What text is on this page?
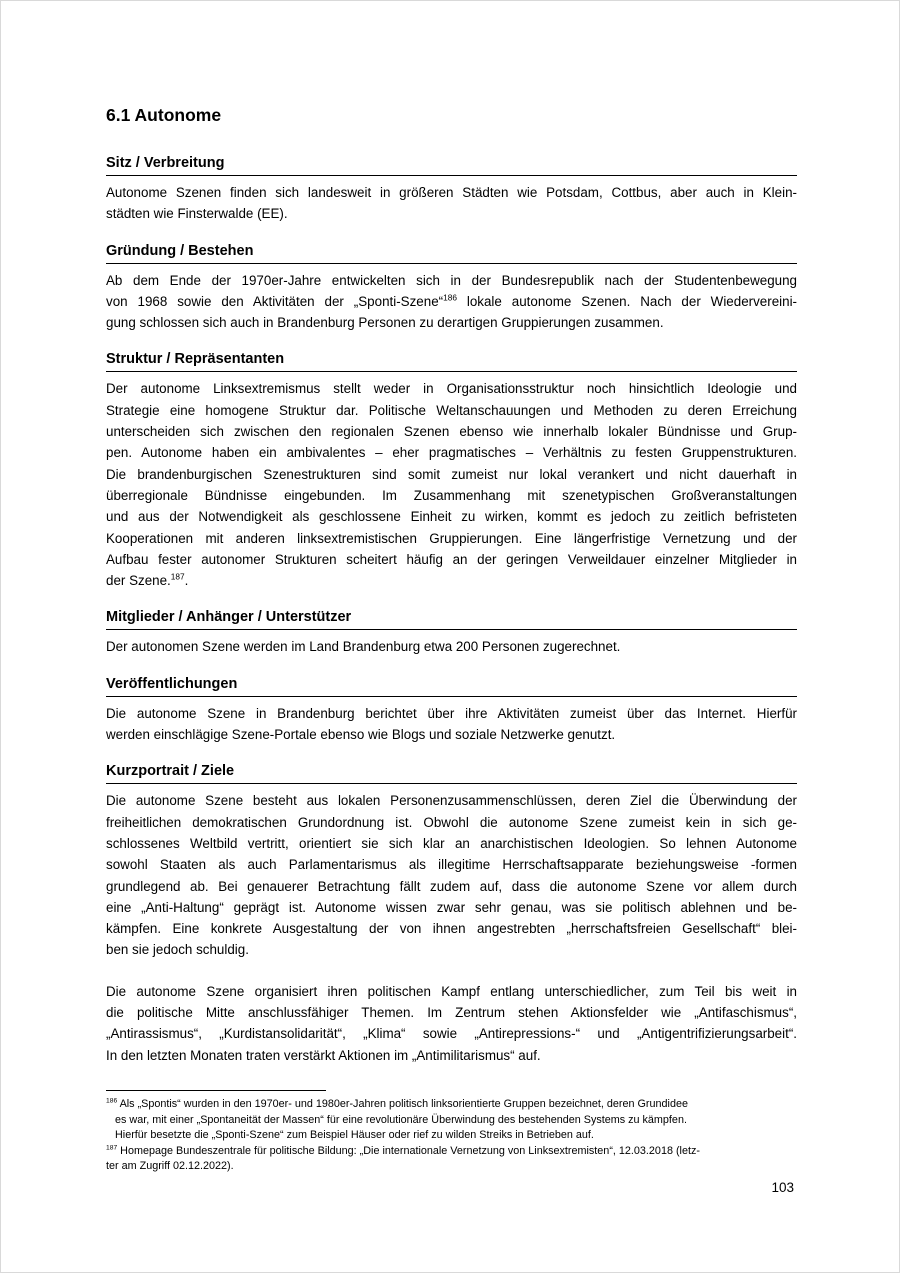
6.1 Autonome
Sitz / Verbreitung
Autonome Szenen finden sich landesweit in größeren Städten wie Potsdam, Cottbus, aber auch in Klein-
städten wie Finsterwalde (EE).
Gründung / Bestehen
Ab dem Ende der 1970er-Jahre entwickelten sich in der Bundesrepublik nach der Studentenbewegung
von 1968 sowie den Aktivitäten der „Sponti-Szene“$^{186}$ lokale autonome Szenen. Nach der Wiedervereini-
gung schlossen sich auch in Brandenburg Personen zu derartigen Gruppierungen zusammen.
Struktur / Repräsentanten
Der autonome Linksextremismus stellt weder in Organisationsstruktur noch hinsichtlich Ideologie und
Strategie eine homogene Struktur dar. Politische Weltanschauungen und Methoden zu deren Erreichung
unterscheiden sich zwischen den regionalen Szenen ebenso wie innerhalb lokaler Bündnisse und Grup-
pen. Autonome haben ein ambivalentes – eher pragmatisches – Verhältnis zu festen Gruppenstrukturen.
Die brandenburgischen Szenestrukturen sind somit zumeist nur lokal verankert und nicht dauerhaft in
überregionale Bündnisse eingebunden. Im Zusammenhang mit szenetypischen Großveranstaltungen
und aus der Notwendigkeit als geschlossene Einheit zu wirken, kommt es jedoch zu zeitlich befristeten
Kooperationen mit anderen linksextremistischen Gruppierungen. Eine längerfristige Vernetzung und der
Aufbau fester autonomer Strukturen scheitert häufig an der geringen Verweildauer einzelner Mitglieder in
der Szene.$^{187}$.
Mitglieder / Anhänger / Unterstützer
Der autonomen Szene werden im Land Brandenburg etwa 200 Personen zugerechnet.
Veröffentlichungen
Die autonome Szene in Brandenburg berichtet über ihre Aktivitäten zumeist über das Internet. Hierfür
werden einschlägige Szene-Portale ebenso wie Blogs und soziale Netzwerke genutzt.
Kurzportrait / Ziele
Die autonome Szene besteht aus lokalen Personenzusammenschlüssen, deren Ziel die Überwindung der
freiheitlichen demokratischen Grundordnung ist. Obwohl die autonome Szene zumeist kein in sich ge-
schlossenes Weltbild vertritt, orientiert sie sich klar an anarchistischen Ideologien. So lehnen Autonome
sowohl Staaten als auch Parlamentarismus als illegitime Herrschaftsapparate beziehungsweise -formen
grundlegend ab. Bei genauerer Betrachtung fällt zudem auf, dass die autonome Szene vor allem durch
eine „Anti-Haltung“ geprägt ist. Autonome wissen zwar sehr genau, was sie politisch ablehnen und be-
kämpfen. Eine konkrete Ausgestaltung der von ihnen angestrebten „herrschaftsfreien Gesellschaft“ blei-
ben sie jedoch schuldig.
Die autonome Szene organisiert ihren politischen Kampf entlang unterschiedlicher, zum Teil bis weit in
die politische Mitte anschlussfähiger Themen. Im Zentrum stehen Aktionsfelder wie „Antifaschismus“,
„Antirassismus“, „Kurdistansolidarität“, „Klima“ sowie „Antirepressions-“ und „Antigentrifizierungsarbeit“.
In den letzten Monaten traten verstärkt Aktionen im „Antimilitarismus“ auf.
$^{186}$ Als „Spontis“ wurden in den 1970er- und 1980er-Jahren politisch linksorientierte Gruppen bezeichnet, deren Grundidee
es war, mit einer „Spontaneität der Massen“ für eine revolutionäre Überwindung des bestehenden Systems zu kämpfen.
Hierfür besetzte die „Sponti-Szene“ zum Beispiel Häuser oder rief zu wilden Streiks in Betrieben auf.
$^{187}$ Homepage Bundeszentrale für politische Bildung: „Die internationale Vernetzung von Linksextremisten“, 12.03.2018 (letz-
ter am Zugriff 02.12.2022).
103
